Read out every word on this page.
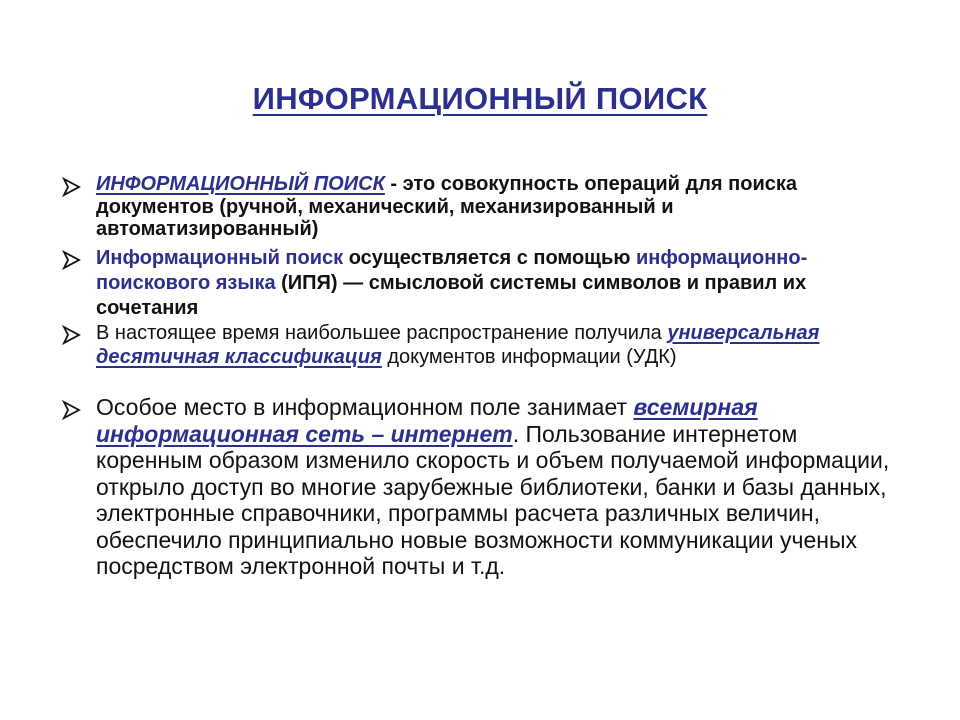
ИНФОРМАЦИОННЫЙ ПОИСК
ИНФОРМАЦИОННЫЙ ПОИСК - это совокупность операций для поиска документов (ручной, механический, механизированный и автоматизированный)
Информационный поиск осуществляется с помощью информационно-поискового языка (ИПЯ) — смысловой системы символов и правил их сочетания
В настоящее время наибольшее распространение получила универсальная десятичная классификация документов информации (УДК)
Особое место в информационном поле занимает всемирная информационная сеть – интернет. Пользование интернетом коренным образом изменило скорость и объем получаемой информации, открыло доступ во многие зарубежные библиотеки, банки и базы данных, электронные справочники, программы расчета различных величин, обеспечило принципиально новые возможности коммуникации ученых посредством электронной почты и т.д.
